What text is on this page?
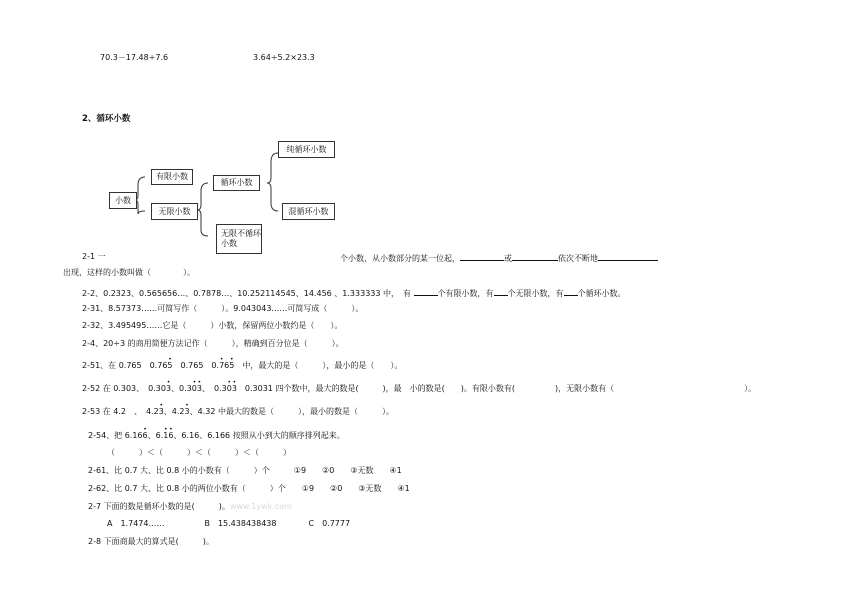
70.3－17.48÷7.6	3.64÷5.2×23.3
2、循环小数
小数
有限小数
无限小数
循环小数
无限不循环小数
纯循环小数
混循环小数
2-1 一	个小数，从小数部分的某一位起，	或	依次不断地
出现，这样的小数叫做（　　　　）。
2-2、0.2323、0.565656…、0.7878…、10.252114545、14.456 、1.333333 中，　有	个有限小数，有 个无限小数，有 个循环小数。
2-31、8.57373……可简写作（　　　）。9.043043……可简写成（　　　）。
2-32、3.495495……它是（　　　）小数，保留两位小数约是（　　）。
2-4、20÷3 的商用简便方法记作（　　　），精确到百分位是（　　　）。
2-51、在 0.765　0.765 •　0.765　0.7 •65 •　中，最大的是（　　　），最小的是（　　）。
2-52 在 0.303、　0.303 •、0.30 •3 •、　0.30 •3 •　0.3031 四个数中，最大的数是(　　　)，最　小的数是(　　)。有限小数有(　　　　　)，无限小数有（	）。
2-53 在 4.2　、　4.23 •、4.23 •、4.32 中最大的数是（　　　），最小的数是（　　　）。
2-54、把 6.166 •、6.1 •6 •、6.16、6.166 按照从小到大的顺序排列起来。
（　　　）＜（　　　）＜（　　　）＜（　　　）
2-61、比 0.7 大、比 0.8 小的小数有（　　　）个　　　①9　　②0　　③无数　　④1
2-62、比 0.7 大、比 0.8 小的两位小数有（　　　）个　　①9　　②0　　③无数　　④1
2-7 下面的数是循环小数的是(　　　)。www.1ywk.com
A　1.7474……　　　　　B　15.438438438　　　　C　0.7777
2-8 下面商最大的算式是(　　　)。
